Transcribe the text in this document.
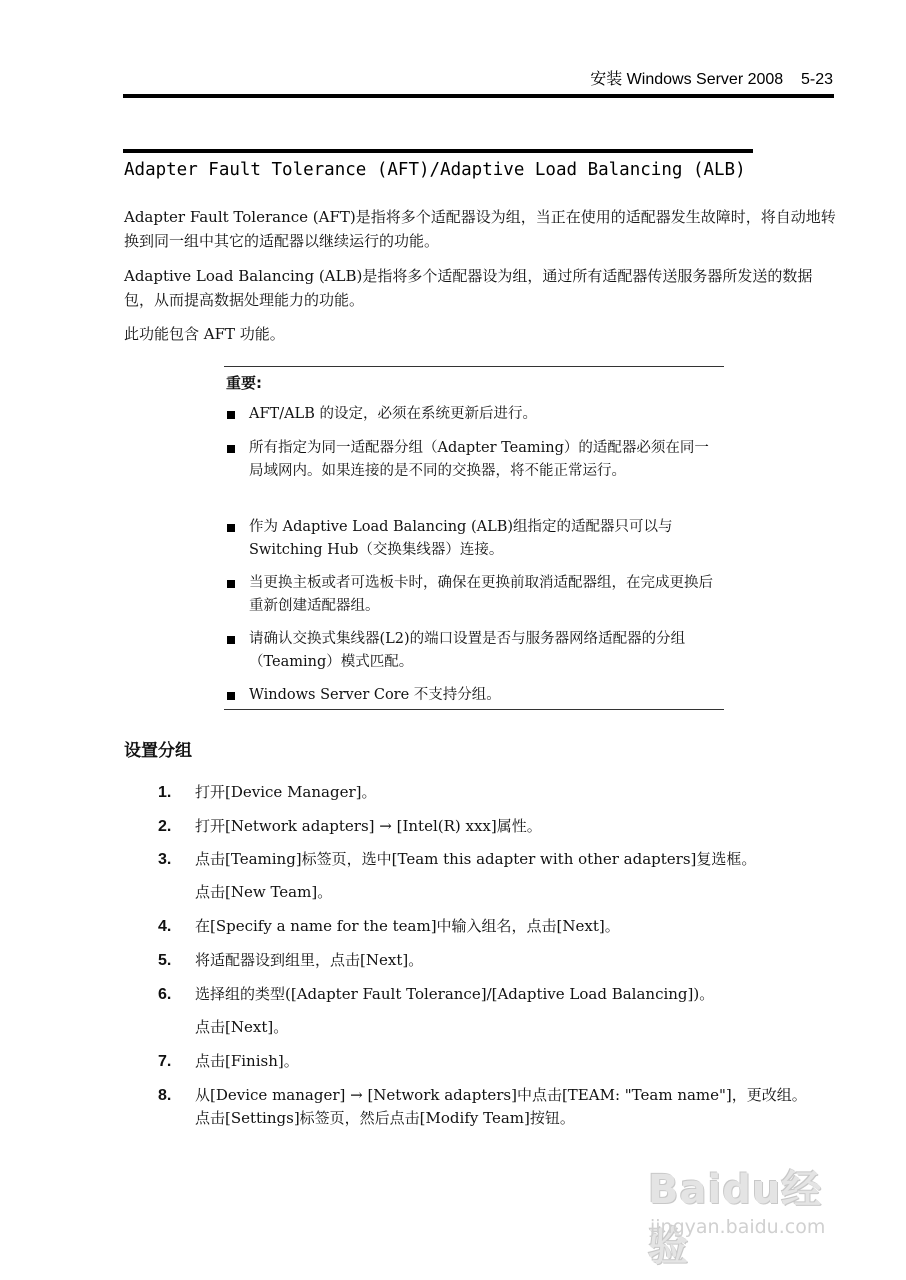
安装 Windows Server 2008    5-23
Adapter Fault Tolerance (AFT)/Adaptive Load Balancing (ALB)

Adapter Fault Tolerance (AFT)是指将多个适配器设为组，当正在使用的适配器发生故障时，将自动地转换到同一组中其它的适配器以继续运行的功能。

Adaptive Load Balancing (ALB)是指将多个适配器设为组，通过所有适配器传送服务器所发送的数据包，从而提高数据处理能力的功能。

此功能包含 AFT 功能。

重要:
AFT/ALB 的设定，必须在系统更新后进行。
所有指定为同一适配器分组（Adapter Teaming）的适配器必须在同一局域网内。如果连接的是不同的交换器，将不能正常运行。
作为 Adaptive Load Balancing (ALB)组指定的适配器只可以与 Switching Hub（交换集线器）连接。
当更换主板或者可选板卡时，确保在更换前取消适配器组，在完成更换后重新创建适配器组。
请确认交换式集线器(L2)的端口设置是否与服务器网络适配器的分组（Teaming）模式匹配。
Windows Server Core 不支持分组。
设置分组
1.	打开[Device Manager]。
2.	打开[Network adapters] → [Intel(R) xxx]属性。
3.	点击[Teaming]标签页，选中[Team this adapter with other adapters]复选框。
点击[New Team]。
4.	在[Specify a name for the team]中输入组名，点击[Next]。
5.	将适配器设到组里，点击[Next]。
6.	选择组的类型([Adapter Fault Tolerance]/[Adaptive Load Balancing])。
点击[Next]。
7.	点击[Finish]。
8.	从[Device manager] → [Network adapters]中点击[TEAM: "Team name"]，更改组。
点击[Settings]标签页，然后点击[Modify Team]按钮。
Baidu经验
jingyan.baidu.com
